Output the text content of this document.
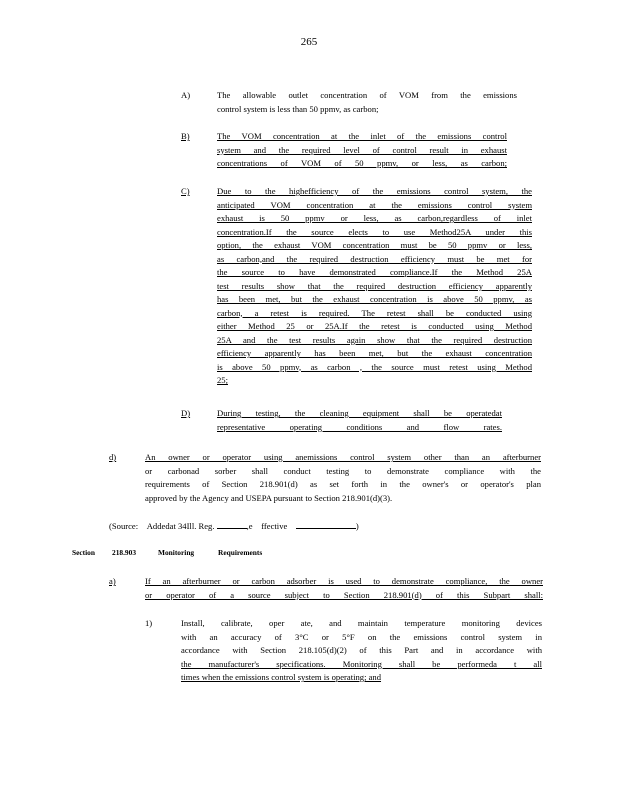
265
A)	The allowable outlet concentration of VOM from the emissions
control system is less than 50 ppmv, as carbon;
B)	The VOM concentration at the inlet of the emissions control
system and the required level of control result in exhaust
concentrations of VOM of 50 ppmv, or less, as carbon;
C)	Due to the highefficiency of the emissions control system, the
anticipated VOM concentration at the emissions control system
exhaust is 50 ppmv or less, as carbon,regardless of inlet
concentration.If the source elects to use Method25A under this
option, the exhaust VOM concentration must be 50 ppmv or less,
as carbon,and the required destruction efficiency must be met for
the source to have demonstrated compliance.If the Method 25A
test results show that the required destruction efficiency apparently
has been met, but the exhaust concentration is above 50 ppmv, as
carbon, a retest is required. The retest shall be conducted using
either Method 25 or 25A.If the retest is conducted using Method
25A and the test results again show that the required destruction
efficiency apparently has been met, but the exhaust concentration
is above 50 ppmv, as carbon , the source must retest using Method
25;
D)	During testing, the cleaning equipment shall be operatedat
representative operating conditions and flow rates.
d)	An owner or operator using anemissions control system other than an afterburner
or carbonad sorber shall conduct testing to demonstrate compliance with the
requirements of Section 218.901(d) as set forth in the owner's or operator's plan
approved by the Agency and USEPA pursuant to Section 218.901(d)(3).
(Source: Addedat 34Ill. Reg.	,e ffective	)
Section 218.903	Monitoring	Requirements
a)	If an afterburner or carbon adsorber is used to demonstrate compliance, the owner
or operator of a source subject to Section 218.901(d) of this Subpart shall:
1)	Install, calibrate, oper ate, and maintain temperature monitoring devices
with an accuracy of 3°C or 5°F on the emissions control system in
accordance with Section 218.105(d)(2) of this Part and in accordance with
the manufacturer's specifications. Monitoring shall be performeda t all
times when the emissions control system is operating; and
